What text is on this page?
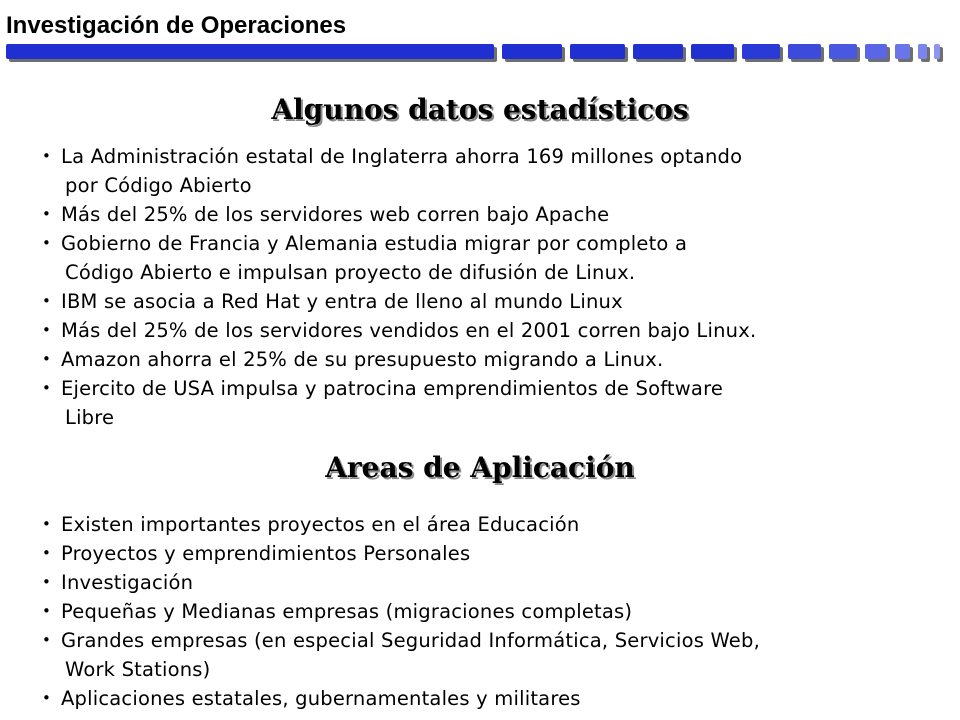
Investigación de Operaciones
Algunos datos estadísticos
• La Administración estatal de Inglaterra ahorra 169 millones optando
por Código Abierto
• Más del 25% de los servidores web corren bajo Apache
• Gobierno de Francia y Alemania estudia migrar por completo a
Código Abierto e impulsan proyecto de difusión de Linux.
• IBM se asocia a Red Hat y entra de lleno al mundo Linux
• Más del 25% de los servidores vendidos en el 2001 corren bajo Linux.
• Amazon ahorra el 25% de su presupuesto migrando a Linux.
• Ejercito de USA impulsa y patrocina emprendimientos de Software
Libre
Areas de Aplicación
• Existen importantes proyectos en el área Educación
• Proyectos y emprendimientos Personales
• Investigación
• Pequeñas y Medianas empresas (migraciones completas)
• Grandes empresas (en especial Seguridad Informática, Servicios Web,
Work Stations)
• Aplicaciones estatales, gubernamentales y militares
